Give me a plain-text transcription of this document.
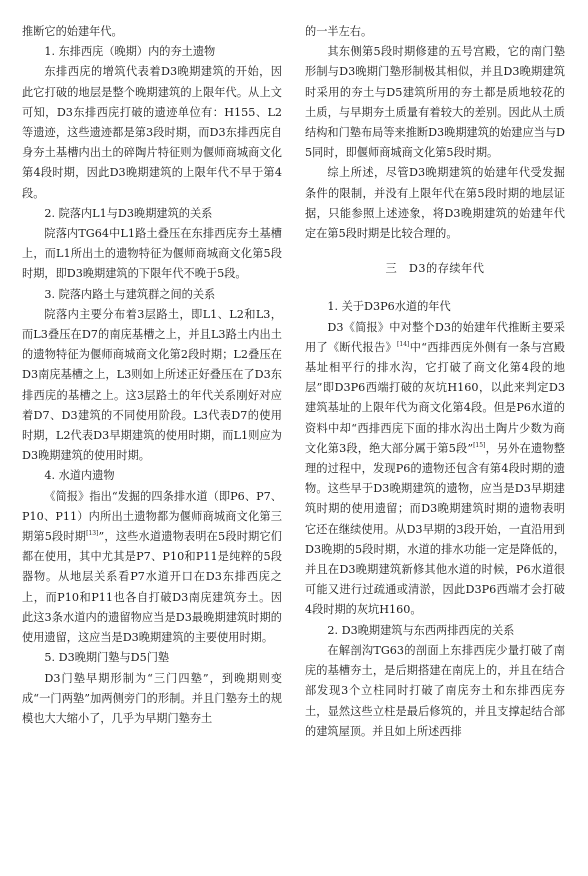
推断它的始建年代。

1. 东排西庑（晚期）内的夯土遗物

东排西庑的增筑代表着D3晚期建筑的开始，因此它打破的地层是整个晚期建筑的上限年代。从上文可知，D3东排西庑打破的遗迹单位有：H155、L2等遗迹，这些遗迹都是第3段时期，而D3东排西庑自身夯土基槽内出土的碎陶片特征则为偃师商城商文化第4段时期，因此D3晚期建筑的上限年代不早于第4段。

2. 院落内L1与D3晚期建筑的关系

院落内TG64中L1路土叠压在东排西庑夯土基槽上，而L1所出土的遗物特征为偃师商城商文化第5段时期，即D3晚期建筑的下限年代不晚于5段。

3. 院落内路土与建筑群之间的关系

院落内主要分布着3层路土，即L1、L2和L3，而L3叠压在D7的南庑基槽之上，并且L3路土内出土的遗物特征为偃师商城商文化第2段时期；L2叠压在D3南庑基槽之上，L3则如上所述正好叠压在了D3东排西庑的基槽之上。这3层路土的年代关系刚好对应着D7、D3建筑的不同使用阶段。L3代表D7的使用时期，L2代表D3早期建筑的使用时期，而L1则应为D3晚期建筑的使用时期。

4. 水道内遗物

《简报》指出“发掘的四条排水道（即P6、P7、P10、P11）内所出土遗物都为偃师商城商文化第三期第5段时期[13]”，这些水道遗物表明在5段时期它们都在使用，其中尤其是P7、P10和P11是纯粹的5段器物。从地层关系看P7水道开口在D3东排西庑之上，而P10和P11也各自打破D3南庑建筑夯土。因此这3条水道内的遗留物应当是D3最晚期建筑时期的使用遗留，这应当是D3晚期建筑的主要使用时期。

5. D3晚期门塾与D5门塾

D3门塾早期形制为“三门四塾”，到晚期则变成“一门两塾”加两侧旁门的形制。并且门塾夯土的规模也大大缩小了，几乎为早期门塾夯土

的一半左右。

其东侧第5段时期修建的五号宫殿，它的南门塾形制与D3晚期门塾形制极其相似，并且D3晚期建筑时采用的夯土与D5建筑所用的夯土都是质地较花的土质，与早期夯土质量有着较大的差别。因此从土质结构和门塾布局等来推断D3晚期建筑的始建应当与D5同时，即偃师商城商文化第5段时期。

综上所述，尽管D3晚期建筑的始建年代受发掘条件的限制，并没有上限年代在第5段时期的地层证据，只能参照上述迹象，将D3晚期建筑的始建年代定在第5段时期是比较合理的。

三　D3的存续年代

1. 关于D3P6水道的年代

D3《简报》中对整个D3的始建年代推断主要采用了《断代报告》[14]中“西排西庑外侧有一条与宫殿基址相平行的排水沟，它打破了商文化第4段的地层”即D3P6西端打破的灰坑H160，以此来判定D3建筑基址的上限年代为商文化第4段。但是P6水道的资料中却“西排西庑下面的排水沟出土陶片少数为商文化第3段，绝大部分属于第5段”[15]，另外在遗物整理的过程中，发现P6的遗物还包含有第4段时期的遗物。这些早于D3晚期建筑的遗物，应当是D3早期建筑时期的使用遗留；而D3晚期建筑时期的遗物表明它还在继续使用。从D3早期的3段开始，一直沿用到D3晚期的5段时期，水道的排水功能一定是降低的，并且在D3晚期建筑新修其他水道的时候，P6水道很可能又进行过疏通或清淤，因此D3P6西端才会打破4段时期的灰坑H160。

2. D3晚期建筑与东西两排西庑的关系

在解剖沟TG63的剖面上东排西庑少量打破了南庑的基槽夯土，是后期搭建在南庑上的，并且在结合部发现3个立柱同时打破了南庑夯土和东排西庑夯土，显然这些立柱是最后修筑的，并且支撑起结合部的建筑屋顶。并且如上所述西排
